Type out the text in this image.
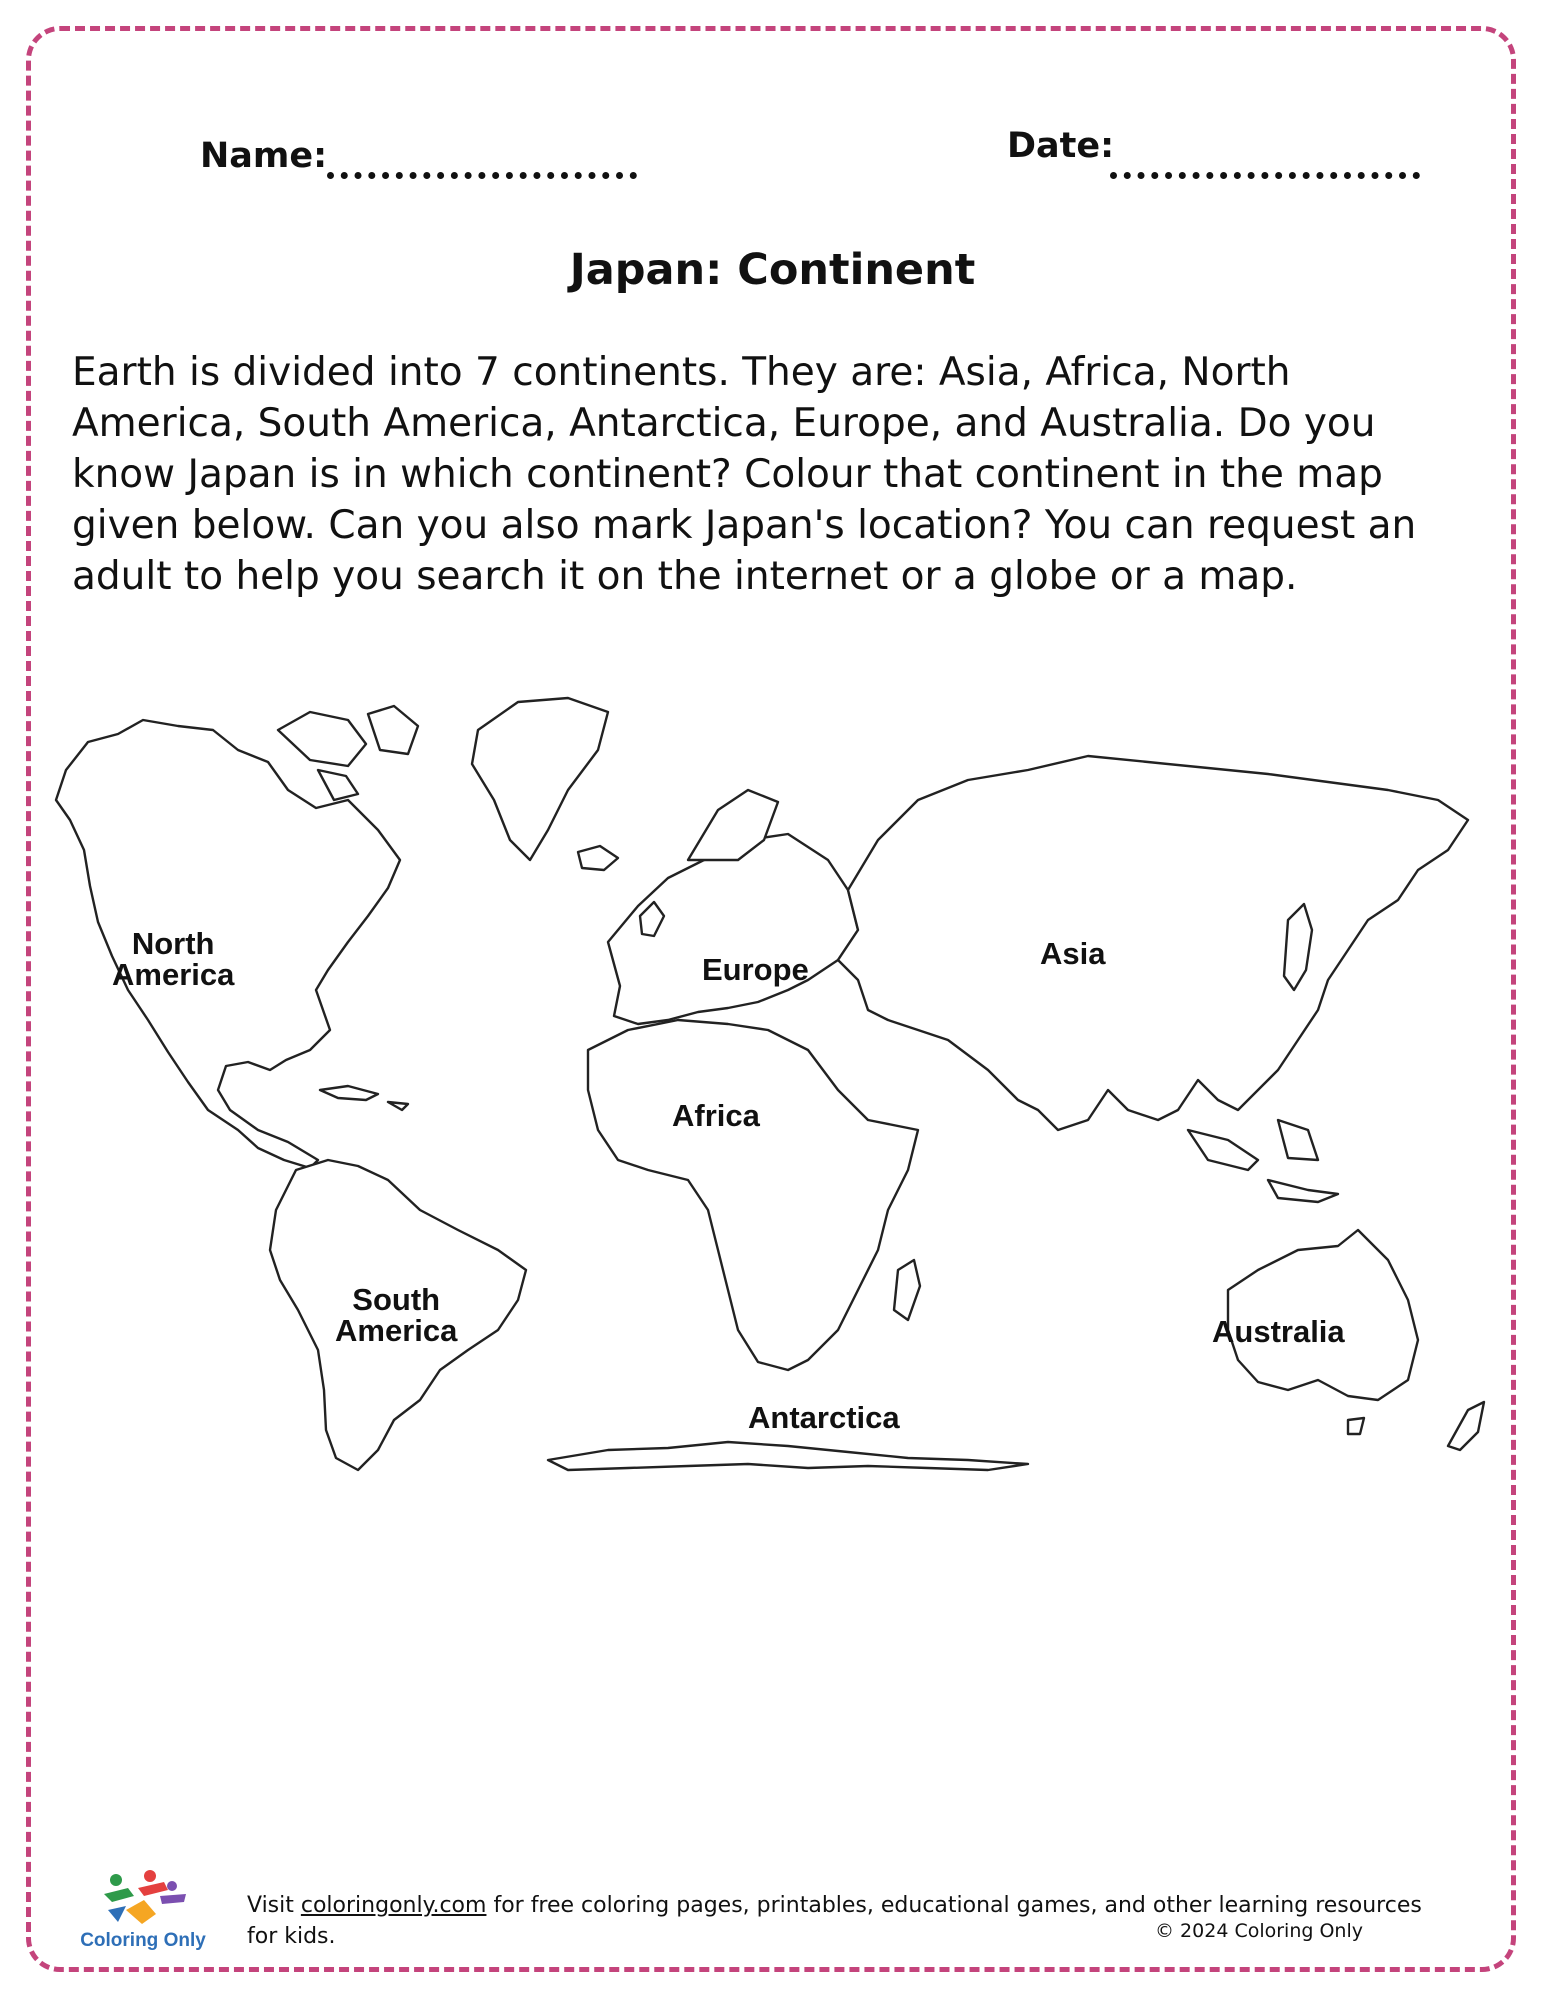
Name:	Date:
Japan: Continent
Earth is divided into 7 continents. They are: Asia, Africa, North America, South America, Antarctica, Europe, and Australia. Do you know Japan is in which continent? Colour that continent in the map given below. Can you also mark Japan's location? You can request an adult to help you search it on the internet or a globe or a map.
North
America
South
America
Europe	Asia
Africa
Australia
Antarctica
Coloring Only
Visit coloringonly.com for free coloring pages, printables, educational games, and other learning resources for kids.	© 2024 Coloring Only
